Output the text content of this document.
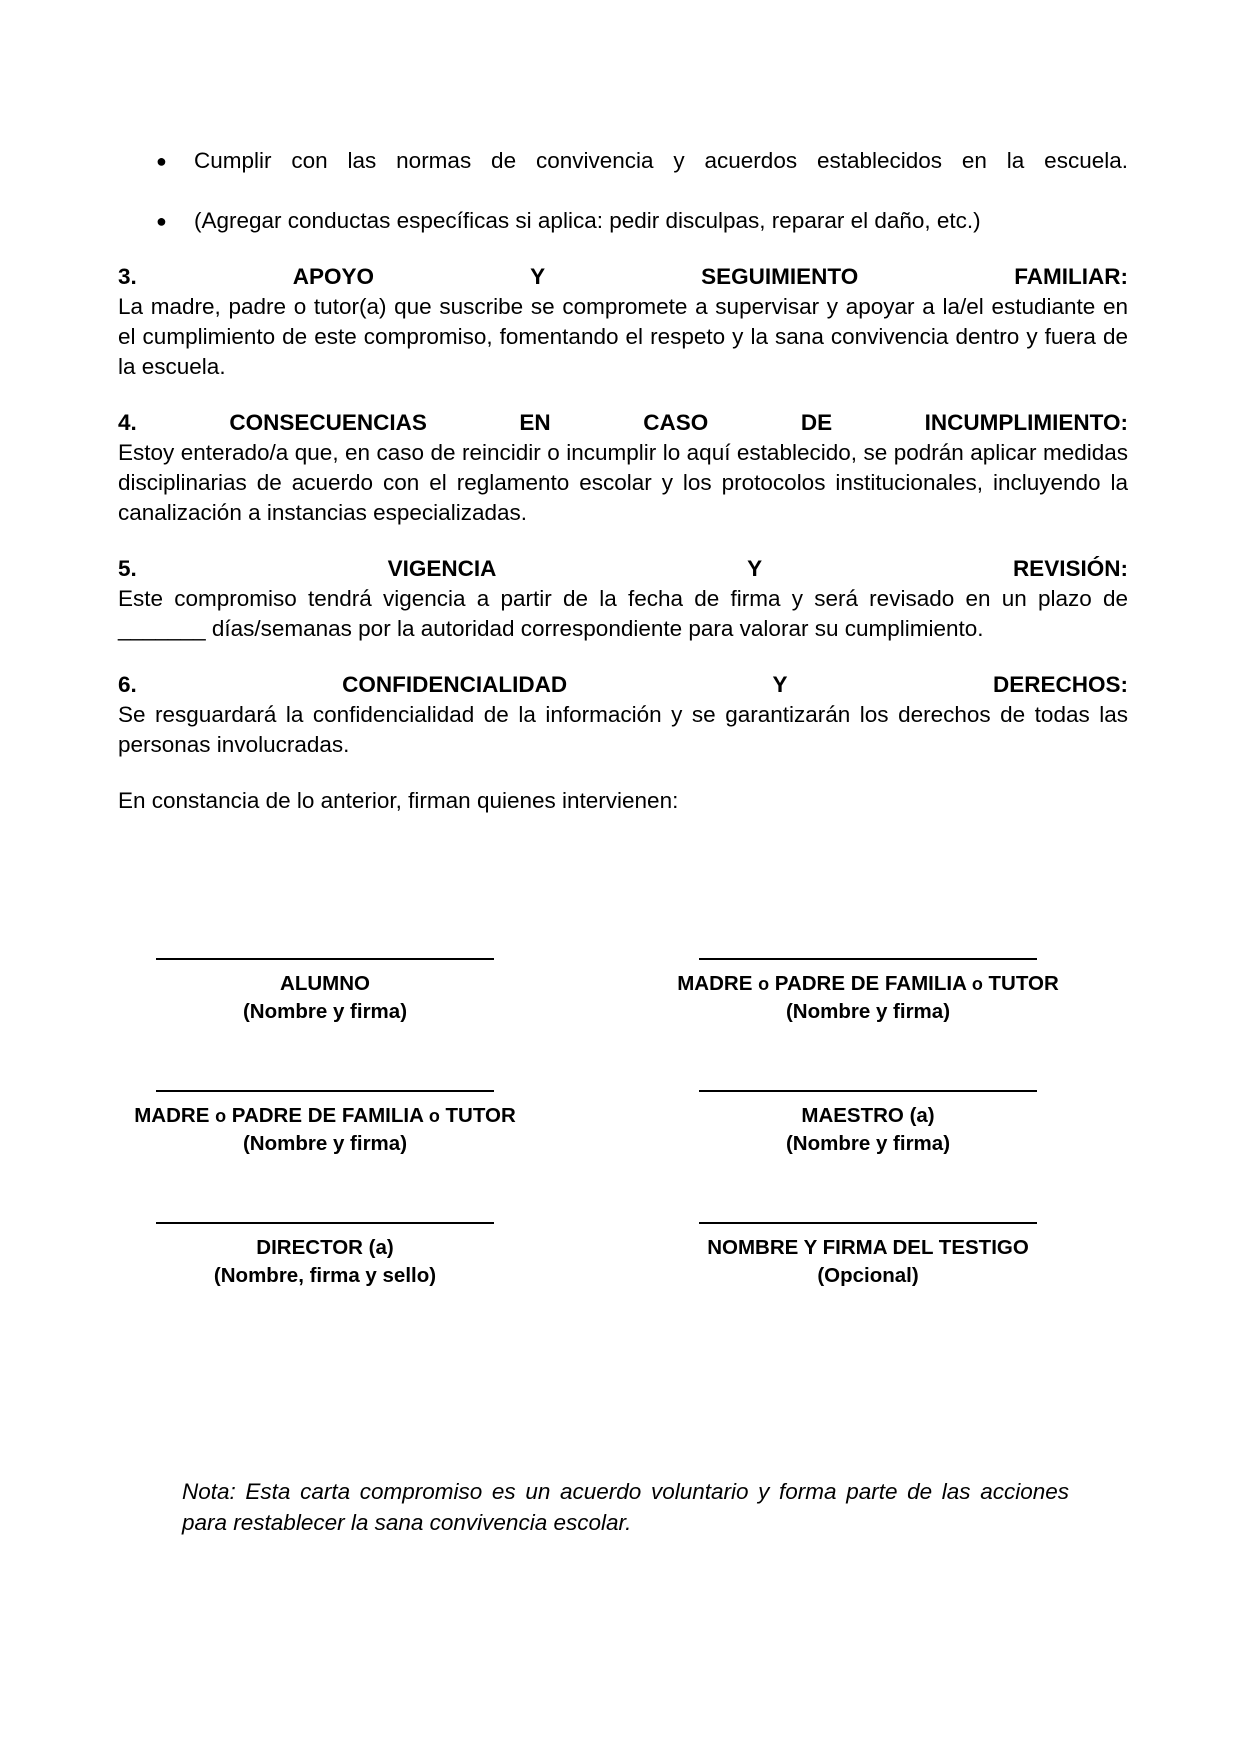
● Cumplir con las normas de convivencia y acuerdos establecidos en la escuela.
● (Agregar conductas específicas si aplica: pedir disculpas, reparar el daño, etc.)
3.	APOYO	Y	SEGUIMIENTO	FAMILIAR:
La madre, padre o tutor(a) que suscribe se compromete a supervisar y apoyar a la/el estudiante en el cumplimiento de este compromiso, fomentando el respeto y la sana convivencia dentro y fuera de la escuela.
4.	CONSECUENCIAS	EN	CASO	DE	INCUMPLIMIENTO:
Estoy enterado/a que, en caso de reincidir o incumplir lo aquí establecido, se podrán aplicar medidas disciplinarias de acuerdo con el reglamento escolar y los protocolos institucionales, incluyendo la canalización a instancias especializadas.
5.	VIGENCIA	Y	REVISIÓN:
Este compromiso tendrá vigencia a partir de la fecha de firma y será revisado en un plazo de _______ días/semanas por la autoridad correspondiente para valorar su cumplimiento.
6.	CONFIDENCIALIDAD	Y	DERECHOS:
Se resguardará la confidencialidad de la información y se garantizarán los derechos de todas las personas involucradas.
En constancia de lo anterior, firman quienes intervienen:
ALUMNO
(Nombre y firma)
MADRE o PADRE DE FAMILIA o TUTOR
(Nombre y firma)
MADRE o PADRE DE FAMILIA o TUTOR
(Nombre y firma)
MAESTRO (a)
(Nombre y firma)
DIRECTOR (a)
(Nombre, firma y sello)
NOMBRE Y FIRMA DEL TESTIGO
(Opcional)
Nota: Esta carta compromiso es un acuerdo voluntario y forma parte de las acciones para restablecer la sana convivencia escolar.
